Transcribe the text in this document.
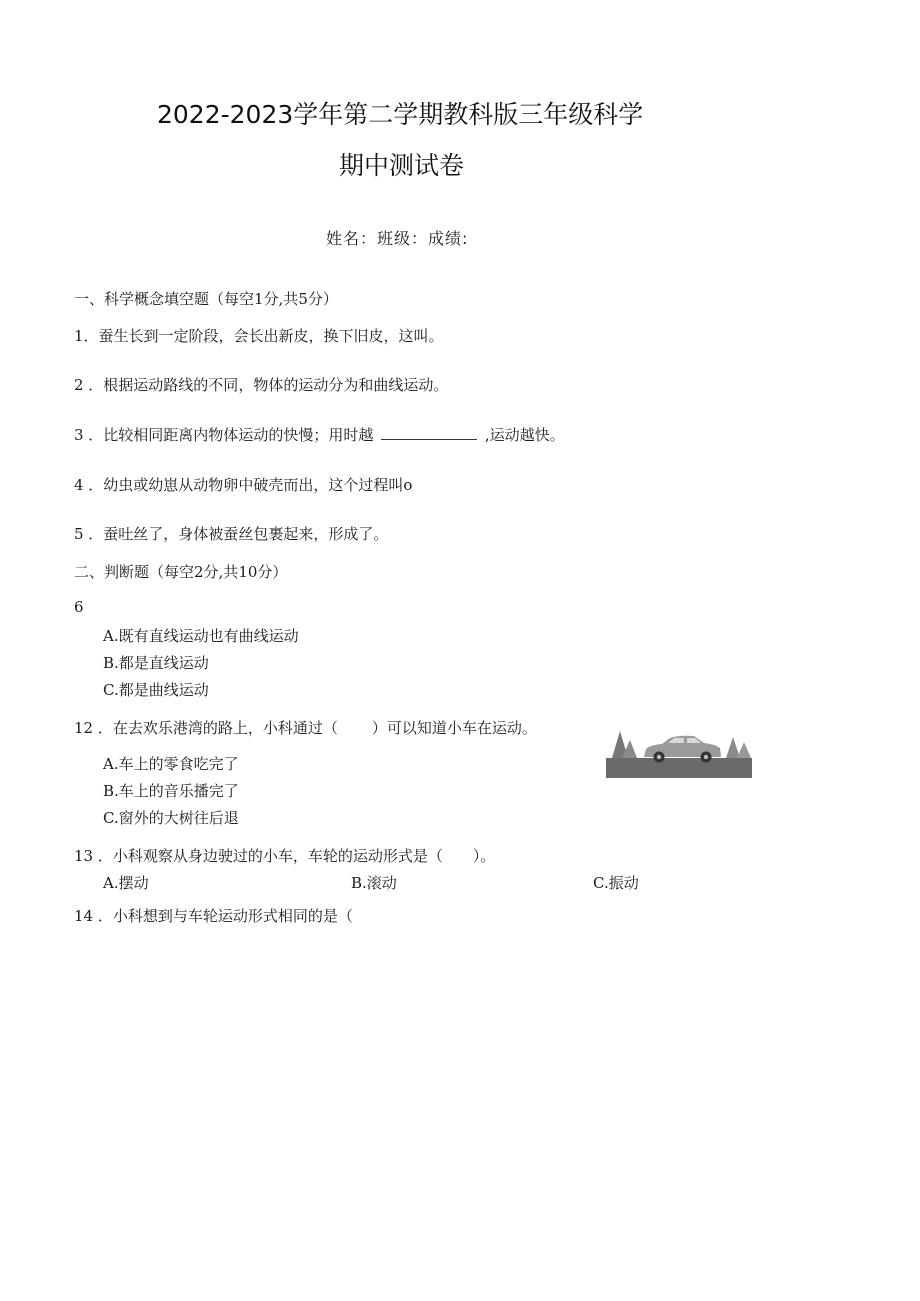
2022-2023学年第二学期教科版三年级科学
期中测试卷
姓名：班级：成绩:
一、科学概念填空题（每空1分,共5分）
1．蚕生长到一定阶段，会长出新皮，换下旧皮，这叫。
2 ．根据运动路线的不同，物体的运动分为和曲线运动。
3 ．比较相同距离内物体运动的快慢；用时越	,运动越快。
4 ．幼虫或幼崽从动物卵中破壳而出，这个过程叫o
5 ．蚕吐丝了，身体被蚕丝包裹起来，形成了。
二、判断题（每空2分,共10分）
6
A.既有直线运动也有曲线运动
B.都是直线运动
C.都是曲线运动
12 ．在去欢乐港湾的路上，小科通过（ ）可以知道小车在运动。
A.车上的零食吃完了
B.车上的音乐播完了
C.窗外的大树往后退
13 ．小科观察从身边驶过的小车，车轮的运动形式是（　　）。
A.摆动	B.滚动	C.振动
14 ．小科想到与车轮运动形式相同的是（
